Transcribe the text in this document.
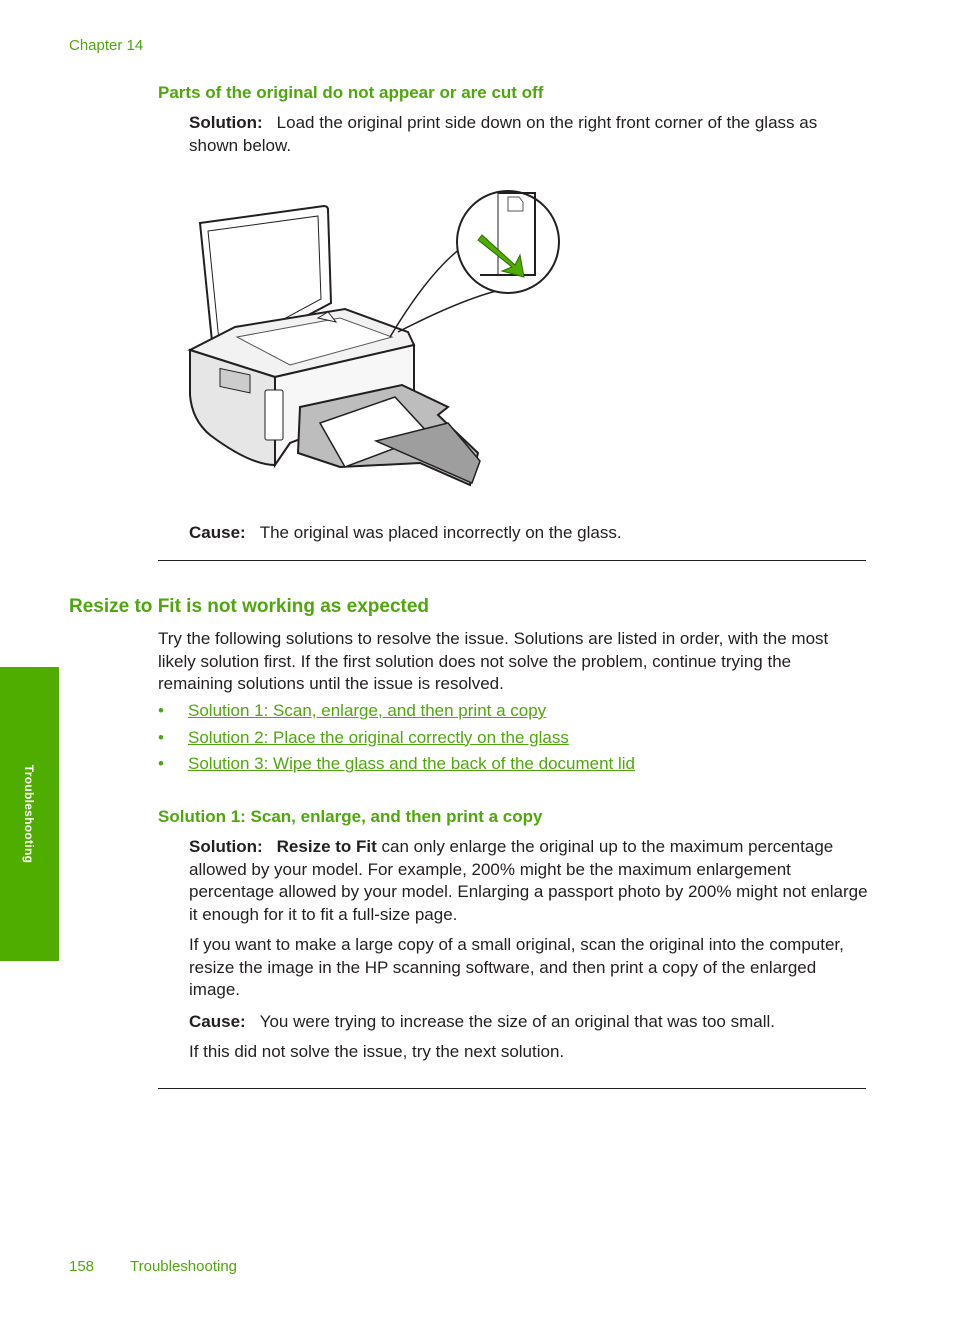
Chapter 14
Parts of the original do not appear or are cut off
Solution: Load the original print side down on the right front corner of the glass as shown below.
Cause: The original was placed incorrectly on the glass.
Resize to Fit is not working as expected
Try the following solutions to resolve the issue. Solutions are listed in order, with the most likely solution first. If the first solution does not solve the problem, continue trying the remaining solutions until the issue is resolved.
• Solution 1: Scan, enlarge, and then print a copy
• Solution 2: Place the original correctly on the glass
• Solution 3: Wipe the glass and the back of the document lid
Solution 1: Scan, enlarge, and then print a copy
Solution: Resize to Fit can only enlarge the original up to the maximum percentage allowed by your model. For example, 200% might be the maximum enlargement percentage allowed by your model. Enlarging a passport photo by 200% might not enlarge it enough for it to fit a full-size page.
If you want to make a large copy of a small original, scan the original into the computer, resize the image in the HP scanning software, and then print a copy of the enlarged image.
Cause: You were trying to increase the size of an original that was too small.
If this did not solve the issue, try the next solution.
Troubleshooting
158 Troubleshooting
